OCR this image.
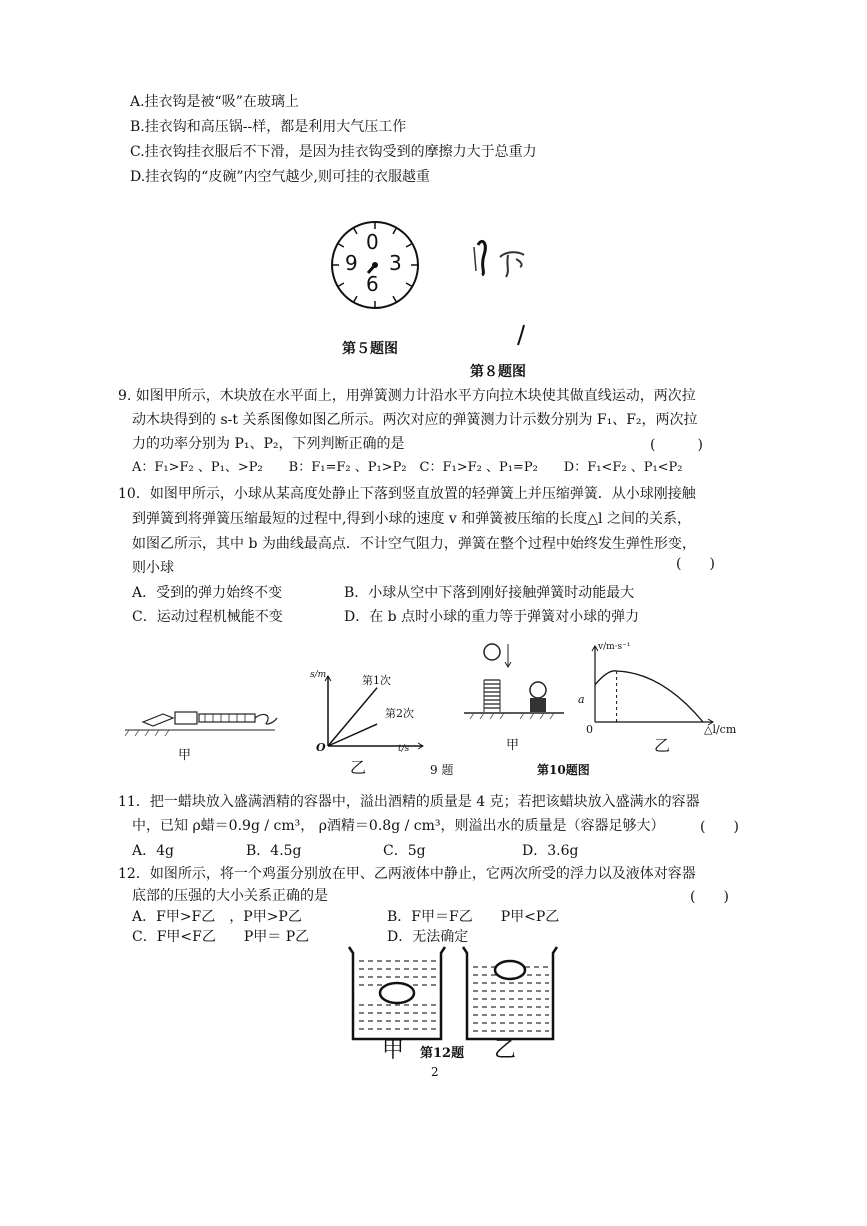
A.挂衣钩是被“吸”在玻璃上
B.挂衣钩和高压锅--样，都是利用大气压工作
C.挂衣钩挂衣服后不下滑，是因为挂衣钩受到的摩擦力大于总重力
D.挂衣钩的“皮碗”内空气越少,则可挂的衣服越重
0
3
6
9
第５题图
第８题图
9. 如图甲所示，木块放在水平面上，用弹簧测力计沿水平方向拉木块使其做直线运动，两次拉
动木块得到的 s-t 关系图像如图乙所示。两次对应的弹簧测力计示数分别为 F₁、F₂，两次拉
力的功率分别为 P₁、P₂，下列判断正确的是	(　　　)
A：F₁>F₂ 、P₁、>P₂　　B：F₁=F₂ 、P₁>P₂　C：F₁>F₂ 、P₁=P₂　　D：F₁<F₂ 、P₁<P₂
10．如图甲所示，小球从某高度处静止下落到竖直放置的轻弹簧上并压缩弹簧．从小球刚接触
到弹簧到将弹簧压缩最短的过程中,得到小球的速度 v 和弹簧被压缩的长度△l 之间的关系，
如图乙所示，其中 b 为曲线最高点．不计空气阻力，弹簧在整个过程中始终发生弹性形变，
则小球	(　　)
A．受到的弹力始终不变	B．小球从空中下落到刚好接触弹簧时动能最大
C．运动过程机械能不变	D．在 b 点时小球的重力等于弹簧对小球的弹力
甲
s/m
t/s
O
第1次
第2次
乙	9 题
甲
v/m·s⁻¹
a
0	△l/cm
乙
第10题图
11．把一蜡块放入盛满酒精的容器中，溢出酒精的质量是 4 克；若把该蜡块放入盛满水的容器
中，已知 ρ蜡＝0.9g / cm³， ρ酒精＝0.8g / cm³，则溢出水的质量是（容器足够大）	(　　)
A．4g	B．4.5g	C．5g	D．3.6g
12．如图所示，将一个鸡蛋分别放在甲、乙两液体中静止，它两次所受的浮力以及液体对容器
底部的压强的大小关系正确的是	(　　)
A．F甲>F乙　，P甲>P乙	B．F甲＝F乙　　P甲<P乙
C．F甲<F乙　　P甲＝ P乙	D．无法确定
甲 第12题 乙
2
